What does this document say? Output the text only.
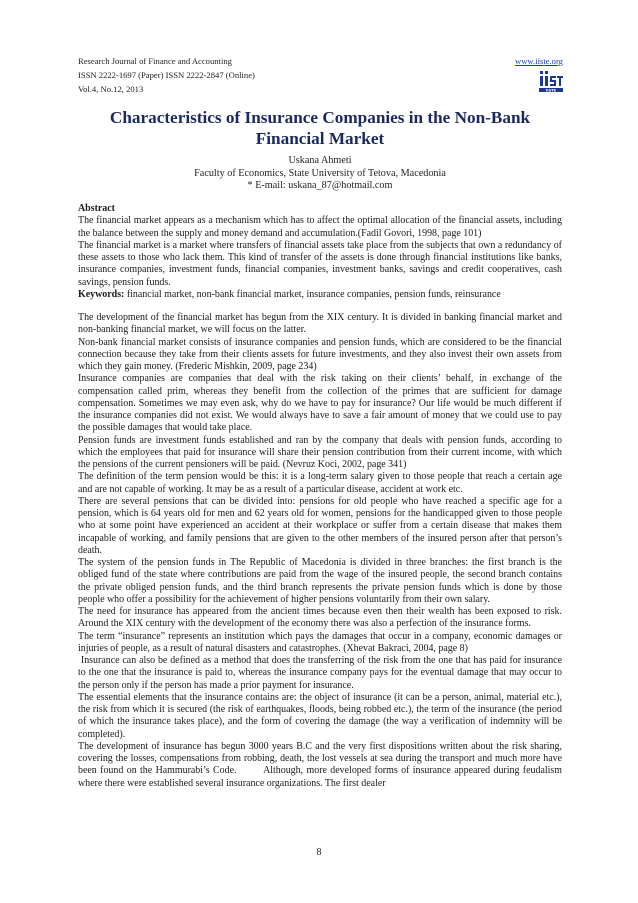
Research Journal of Finance and Accounting
ISSN 2222-1697 (Paper) ISSN 2222-2847 (Online)
Vol.4, No.12, 2013
www.iiste.org
IISTE
Characteristics of Insurance Companies in the Non-Bank
Financial Market
Uskana Ahmeti
Faculty of Economics, State University of Tetova, Macedonia
* E-mail: uskana_87@hotmail.com

Abstract

The financial market appears as a mechanism which has to affect the optimal allocation of the financial assets, including the balance between the supply and money demand and accumulation.(Fadil Govori, 1998, page 101)

The financial market is a market where transfers of financial assets take place from the subjects that own a redundancy of these assets to those who lack them. This kind of transfer of the assets is done through financial institutions like banks, insurance companies, investment funds, financial companies, investment banks, savings and credit cooperatives, cash savings, pension funds.

Keywords: financial market, non-bank financial market, insurance companies, pension funds, reinsurance

The development of the financial market has begun from the XIX century. It is divided in banking financial market and non-banking financial market, we will focus on the latter.

Non-bank financial market consists of insurance companies and pension funds, which are considered to be the financial connection because they take from their clients assets for future investments, and they also invest their own assets from which they gain money. (Frederic Mishkin, 2009, page 234)

Insurance companies are companies that deal with the risk taking on their clients’ behalf, in exchange of the compensation called prim, whereas they benefit from the collection of the primes that are sufficient for damage compensation. Sometimes we may even ask, why do we have to pay for insurance? Our life would be much different if the insurance companies did not exist. We would always have to save a fair amount of money that we could use to pay the possible damages that would take place.

Pension funds are investment funds established and ran by the company that deals with pension funds, according to which the employees that paid for insurance will share their pension contribution from their current income, with which the pensions of the current pensioners will be paid. (Nevruz Koci, 2002, page 341)

The definition of the term pension would be this: it is a long-term salary given to those people that reach a certain age and are not capable of working. It may be as a result of a particular disease, accident at work etc.

There are several pensions that can be divided into: pensions for old people who have reached a specific age for a pension, which is 64 years old for men and 62 years old for women, pensions for the handicapped given to those people who at some point have experienced an accident at their workplace or suffer from a certain disease that makes them incapable of working, and family pensions that are given to the other members of the insured person after that person’s death.

The system of the pension funds in The Republic of Macedonia is divided in three branches: the first branch is the obliged fund of the state where contributions are paid from the wage of the insured people, the second branch contains the private obliged pension funds, and the third branch represents the private pension funds which is done by those people who offer a possibility for the achievement of higher pensions voluntarily from their own salary.

The need for insurance has appeared from the ancient times because even then their wealth has been exposed to risk. Around the XIX century with the development of the economy there was also a perfection of the insurance forms.

The term “insurance” represents an institution which pays the damages that occur in a company, economic damages or injuries of people, as a result of natural disasters and catastrophes. (Xhevat Bakraci, 2004, page 8)

Insurance can also be defined as a method that does the transferring of the risk from the one that has paid for insurance to the one that the insurance is paid to, whereas the insurance company pays for the eventual damage that may occur to the person only if the person has made a prior payment for insurance.

The essential elements that the insurance contains are: the object of insurance (it can be a person, animal, material etc.), the risk from which it is secured (the risk of earthquakes, floods, being robbed etc.), the term of the insurance (the period of which the insurance takes place), and the form of covering the damage (the way a verification of indemnity will be completed).

The development of insurance has begun 3000 years B.C and the very first dispositions written about the risk sharing, covering the losses, compensations from robbing, death, the lost vessels at sea during the transport and much more have been found on the Hammurabi’s Code.        Although, more developed forms of insurance appeared during feudalism where there were established several insurance organizations. The first dealer

8
